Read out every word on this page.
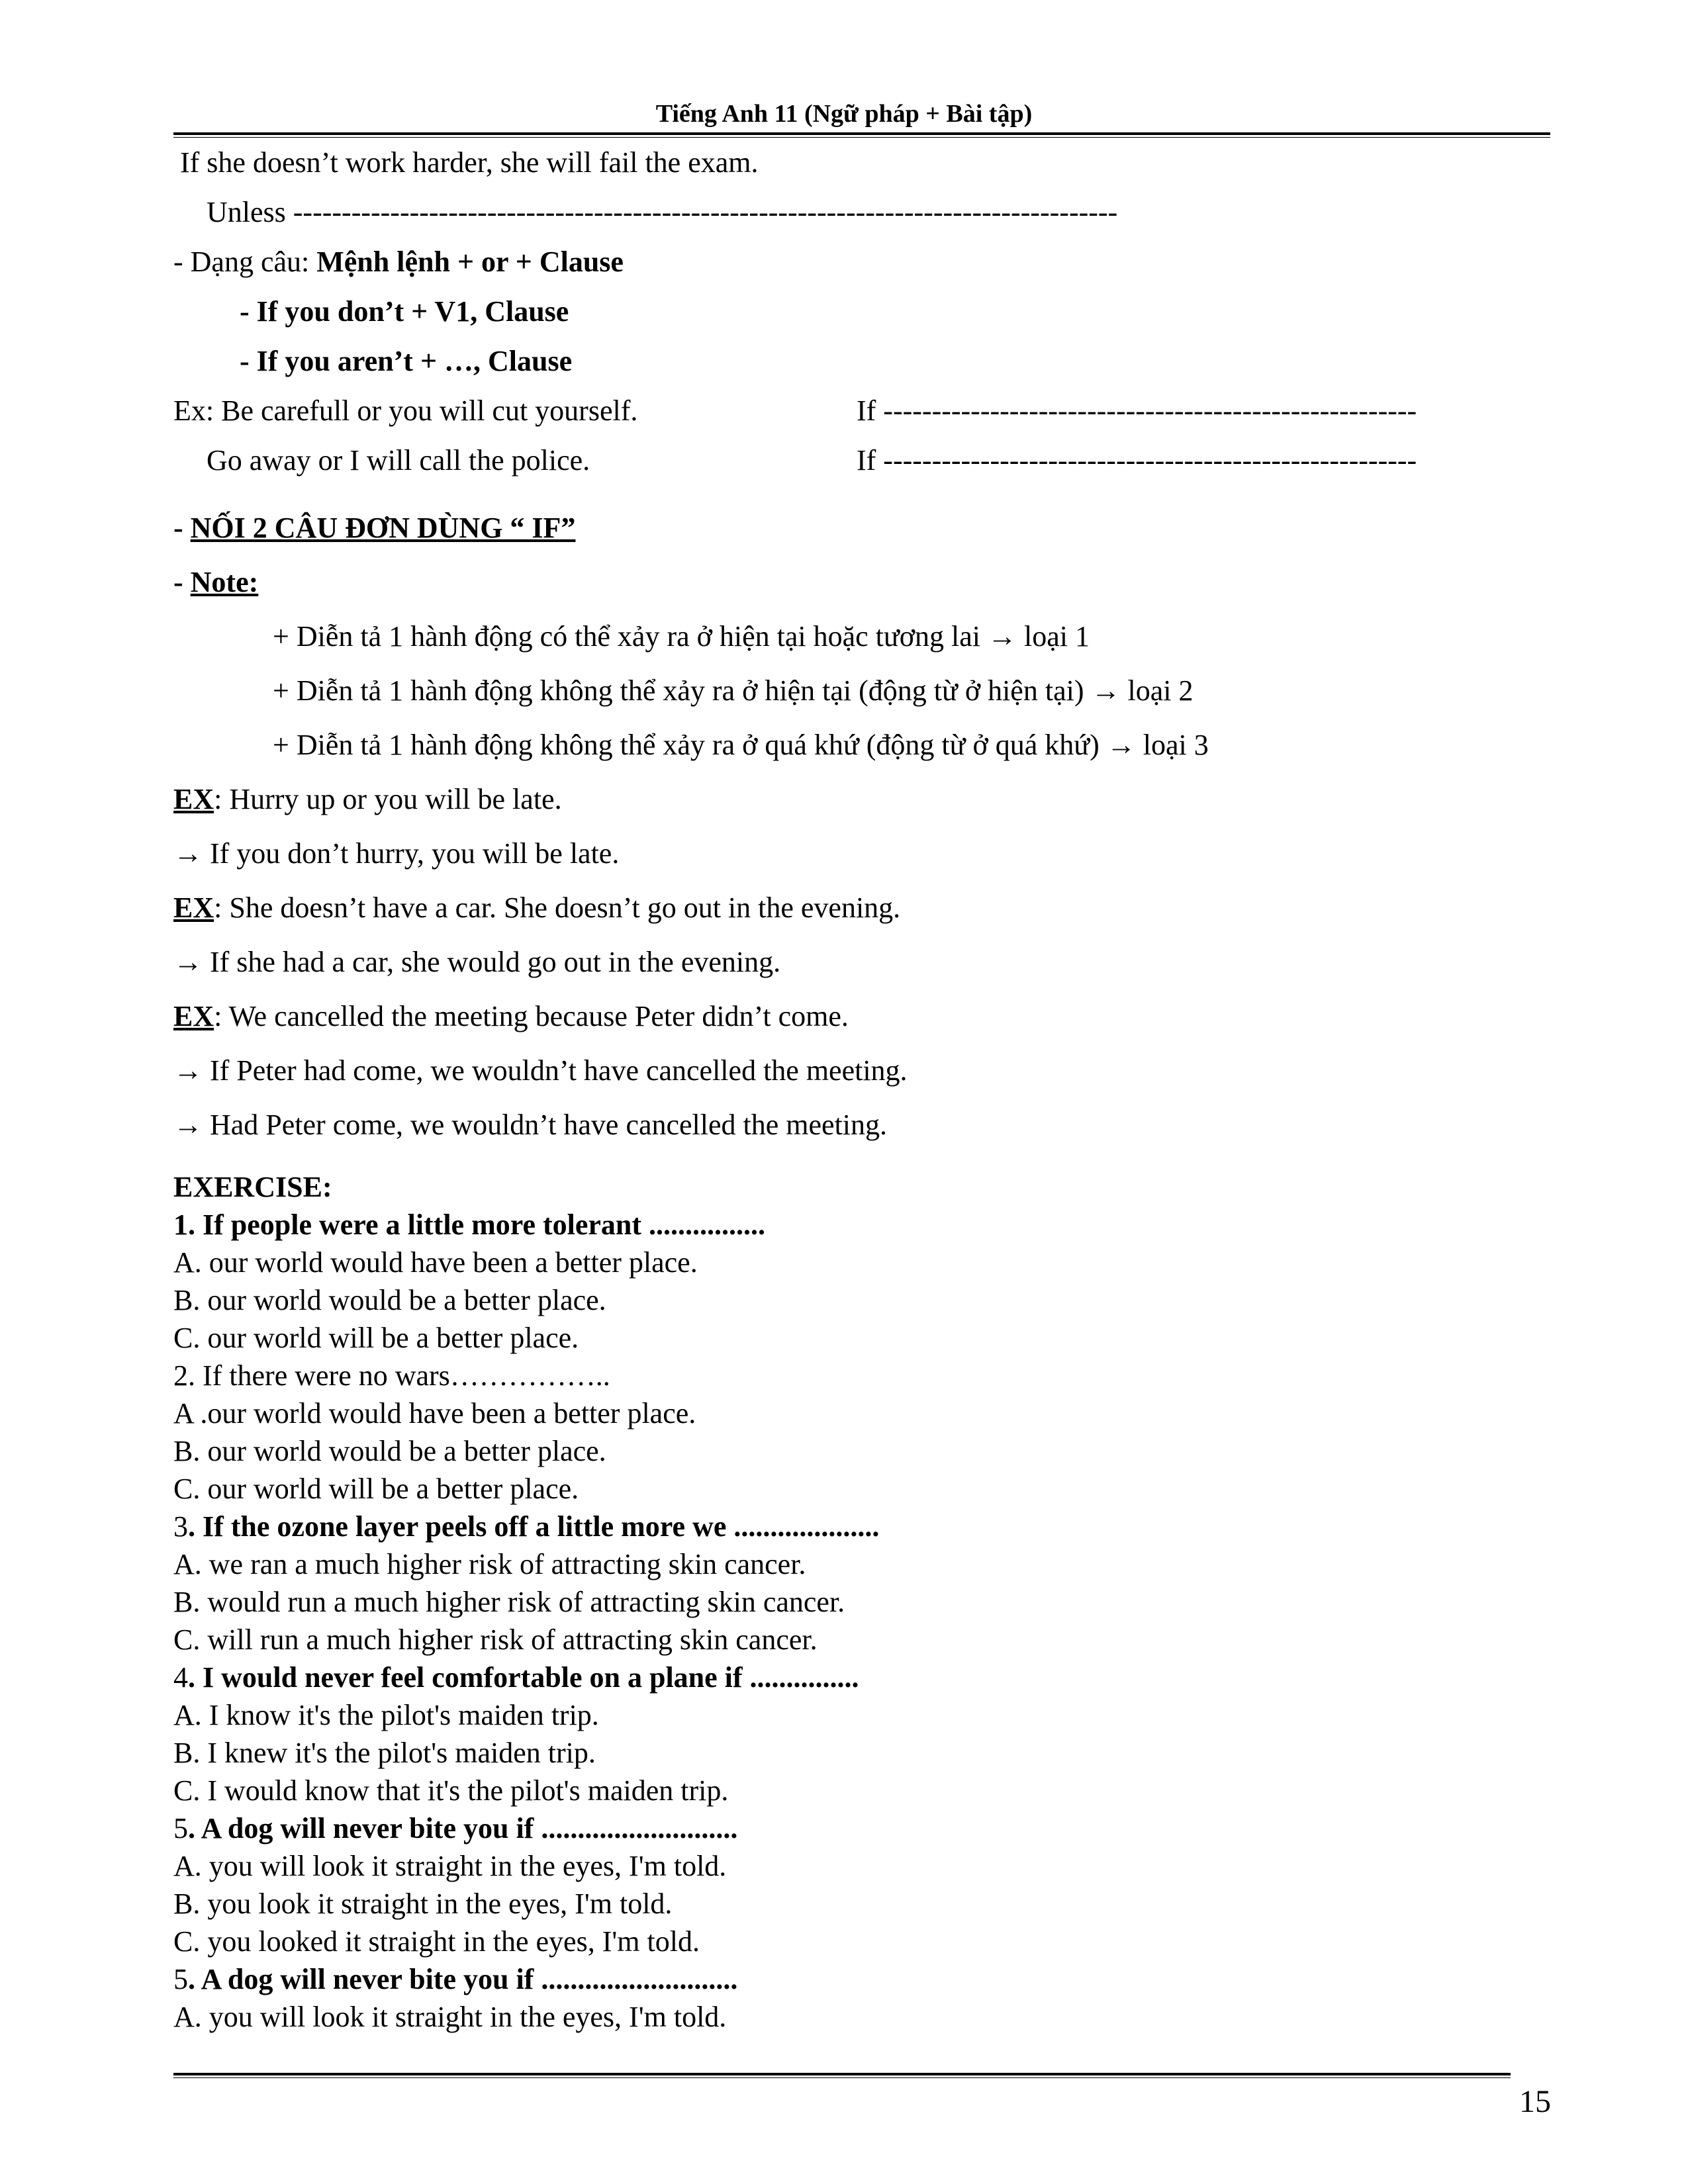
Tiếng Anh 11 (Ngữ pháp + Bài tập)
If she doesn’t work harder, she will fail the exam.
Unless -------------------------------------------------------------------------------------
- Dạng câu: Mệnh lệnh + or + Clause
- If you don’t + V1, Clause
- If you aren’t + …, Clause
Ex: Be carefull or you will cut yourself.	If -------------------------------------------------------
Go away or I will call the police.	If -------------------------------------------------------
- NỐI 2 CÂU ĐƠN DÙNG “ IF”
- Note:
+ Diễn tả 1 hành động có thể xảy ra ở hiện tại hoặc tương lai → loại 1
+ Diễn tả 1 hành động không thể xảy ra ở hiện tại (động từ ở hiện tại) → loại 2
+ Diễn tả 1 hành động không thể xảy ra ở quá khứ (động từ ở quá khứ) → loại 3
EX: Hurry up or you will be late.
→ If you don’t hurry, you will be late.
EX: She doesn’t have a car. She doesn’t go out in the evening.
→ If she had a car, she would go out in the evening.
EX: We cancelled the meeting because Peter didn’t come.
→ If Peter had come, we wouldn’t have cancelled the meeting.
→ Had Peter come, we wouldn’t have cancelled the meeting.
EXERCISE:
1. If people were a little more tolerant ................
A. our world would have been a better place.
B. our world would be a better place.
C. our world will be a better place.
2. If there were no wars……………..
A .our world would have been a better place.
B. our world would be a better place.
C. our world will be a better place.
3. If the ozone layer peels off a little more we ....................
A. we ran a much higher risk of attracting skin cancer.
B. would run a much higher risk of attracting skin cancer.
C. will run a much higher risk of attracting skin cancer.
4. I would never feel comfortable on a plane if ...............
A. I know it's the pilot's maiden trip.
B. I knew it's the pilot's maiden trip.
C. I would know that it's the pilot's maiden trip.
5. A dog will never bite you if ...........................
A. you will look it straight in the eyes, I'm told.
B. you look it straight in the eyes, I'm told.
C. you looked it straight in the eyes, I'm told.
5. A dog will never bite you if ...........................
A. you will look it straight in the eyes, I'm told.
15
